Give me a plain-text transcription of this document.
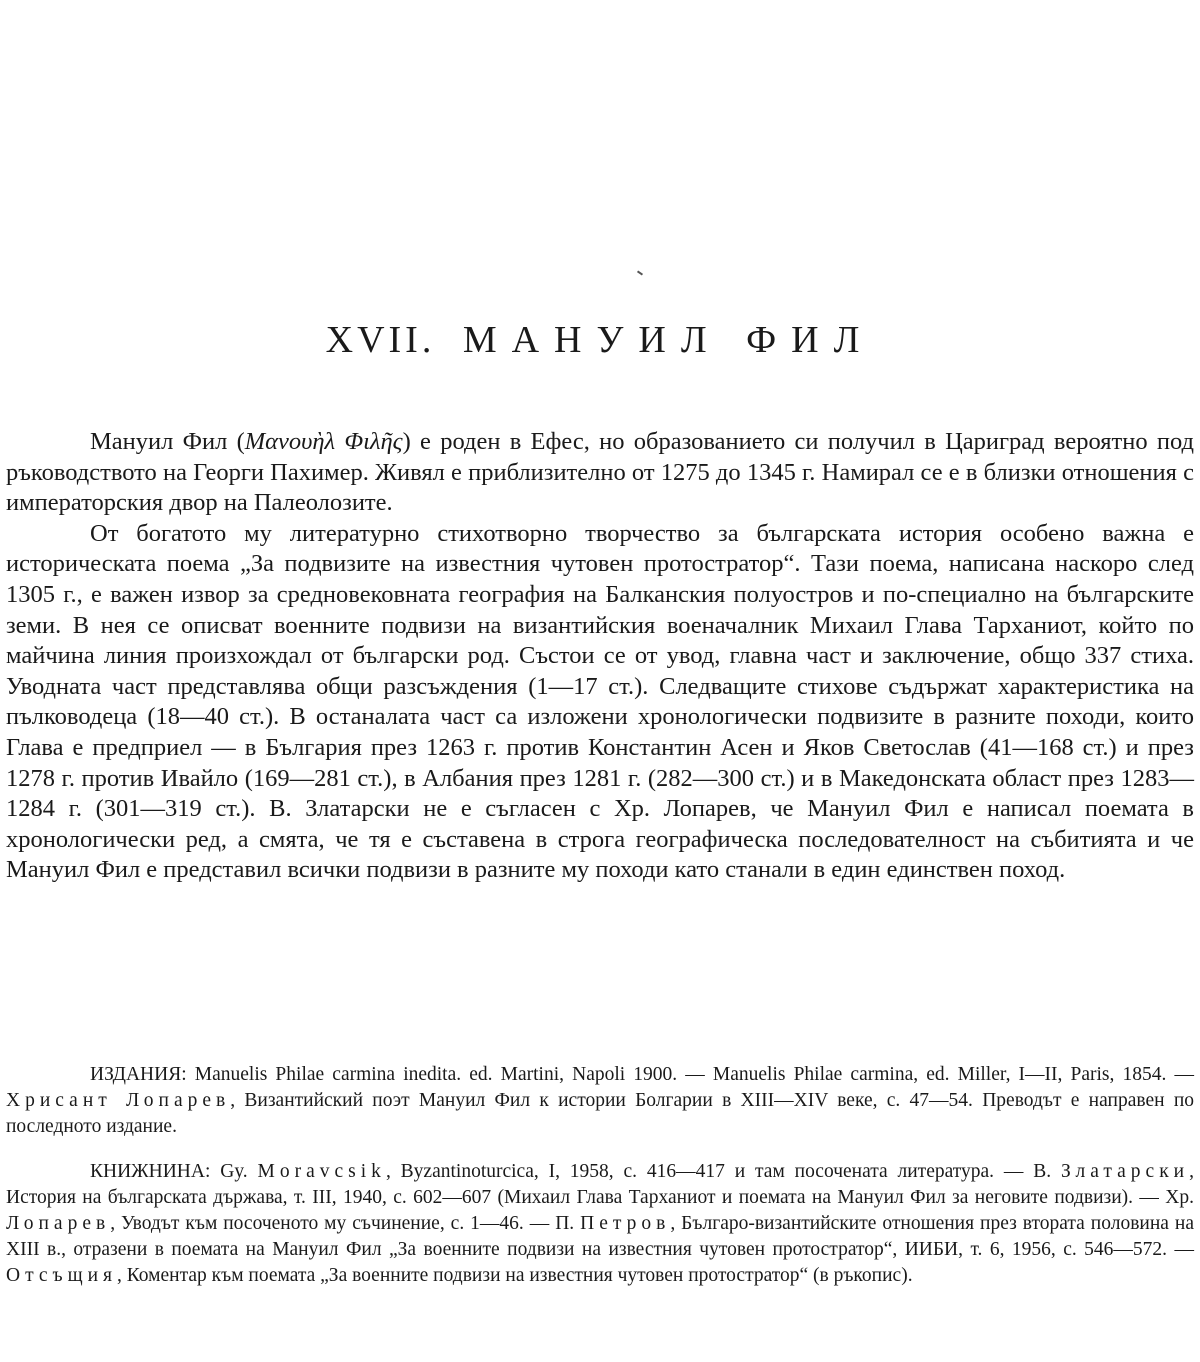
XVII. МАНУИЛ ФИЛ

Мануил Фил (Μανουὴλ Φιλῆς) е роден в Ефес, но образованието си получил в Цариград вероятно под ръководството на Георги Пахимер. Живял е приблизително от 1275 до 1345 г. Намирал се е в близки отношения с императорския двор на Палеолозите.

От богатото му литературно стихотворно творчество за българската история особено важна е историческата поема „За подвизите на известния чутовен протостратор“. Тази поема, написана наскоро след 1305 г., е важен извор за средновековната география на Балканския полуостров и по-специално на българските земи. В нея се описват военните подвизи на византийския военачалник Михаил Глава Тарханиот, който по майчина линия произхождал от български род. Състои се от увод, главна част и заключение, общо 337 стиха. Уводната част представлява общи разсъждения (1—17 ст.). Следващите стихове съдържат характеристика на пълководеца (18—40 ст.). В останалата част са изложени хронологически подвизите в разните походи, които Глава е предприел — в България през 1263 г. против Константин Асен и Яков Светослав (41—168 ст.) и през 1278 г. против Ивайло (169—281 ст.), в Албания през 1281 г. (282—300 ст.) и в Македонската област през 1283—1284 г. (301—319 ст.). В. Златарски не е съгласен с Хр. Лопарев, че Мануил Фил е написал поемата в хронологически ред, а смята, че тя е съставена в строга географическа последователност на събитията и че Мануил Фил е представил всички подвизи в разните му походи като станали в един единствен поход.

ИЗДАНИЯ: Manuelis Philae carmina inedita. ed. Martini, Napoli 1900. — Manuelis Philae carmina, ed. Miller, I—II, Paris, 1854. — Хрисант Лопарев, Византийский поэт Мануил Фил к истории Болгарии в XIII—XIV веке, с. 47—54. Преводът е направен по последното издание.

КНИЖНИНА: Gy. Moravcsik, Byzantinoturcica, I, 1958, с. 416—417 и там посочената литература. — В. Златарски, История на българската държава, т. III, 1940, с. 602—607 (Михаил Глава Тарханиот и поемата на Мануил Фил за неговите подвизи). — Хр. Лопарев, Уводът към посоченото му съчинение, с. 1—46. — П. Петров, Българо-византийските отношения през втората половина на XIII в., отразени в поемата на Мануил Фил „За военните подвизи на известния чутовен протостратор“, ИИБИ, т. 6, 1956, с. 546—572. — Отсъщия, Коментар към поемата „За военните подвизи на известния чутовен протостратор“ (в ръкопис).
